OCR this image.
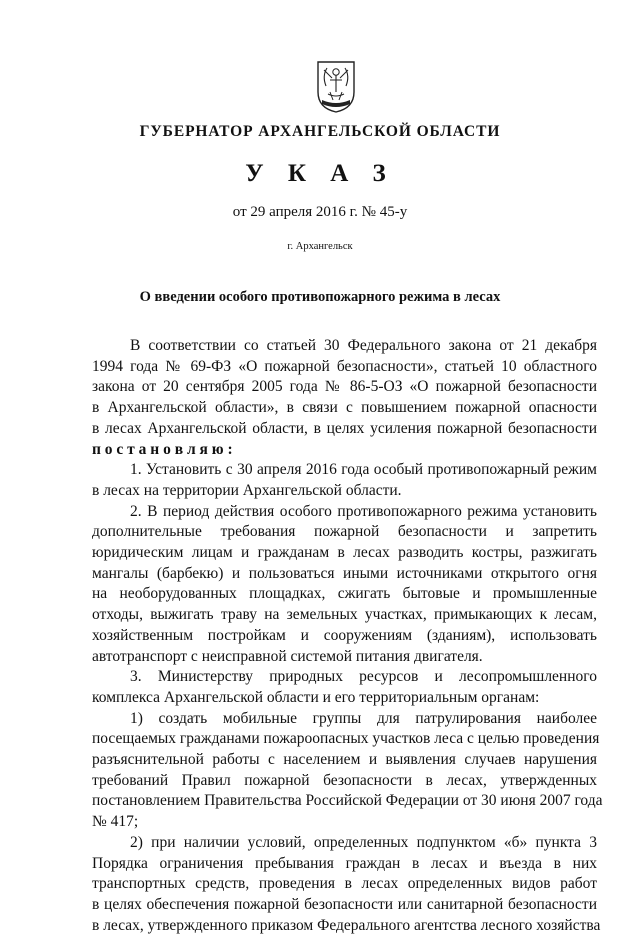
ГУБЕРНАТОР АРХАНГЕЛЬСКОЙ ОБЛАСТИ
У К А З
от 29 апреля 2016 г. № 45-у
г. Архангельск
О введении особого противопожарного режима в лесах
В соответствии со статьей 30 Федерального закона от 21 декабря
1994 года № 69-ФЗ «О пожарной безопасности», статьей 10 областного
закона от 20 сентября 2005 года № 86-5-ОЗ «О пожарной безопасности
в Архангельской области», в связи с повышением пожарной опасности
в лесах Архангельской области, в целях усиления пожарной безопасности
п о с т а н о в л я ю :
1. Установить с 30 апреля 2016 года особый противопожарный режим
в лесах на территории Архангельской области.
2. В период действия особого противопожарного режима установить
дополнительные требования пожарной безопасности и запретить
юридическим лицам и гражданам в лесах разводить костры, разжигать
мангалы (барбекю) и пользоваться иными источниками открытого огня
на необорудованных площадках, сжигать бытовые и промышленные
отходы, выжигать траву на земельных участках, примыкающих к лесам,
хозяйственным постройкам и сооружениям (зданиям), использовать
автотранспорт с неисправной системой питания двигателя.
3. Министерству природных ресурсов и лесопромышленного
комплекса Архангельской области и его территориальным органам:
1) создать мобильные группы для патрулирования наиболее
посещаемых гражданами пожароопасных участков леса с целью проведения
разъяснительной работы с населением и выявления случаев нарушения
требований Правил пожарной безопасности в лесах, утвержденных
постановлением Правительства Российской Федерации от 30 июня 2007 года
№ 417;
2) при наличии условий, определенных подпунктом «б» пункта 3
Порядка ограничения пребывания граждан в лесах и въезда в них
транспортных средств, проведения в лесах определенных видов работ
в целях обеспечения пожарной безопасности или санитарной безопасности
в лесах, утвержденного приказом Федерального агентства лесного хозяйства
